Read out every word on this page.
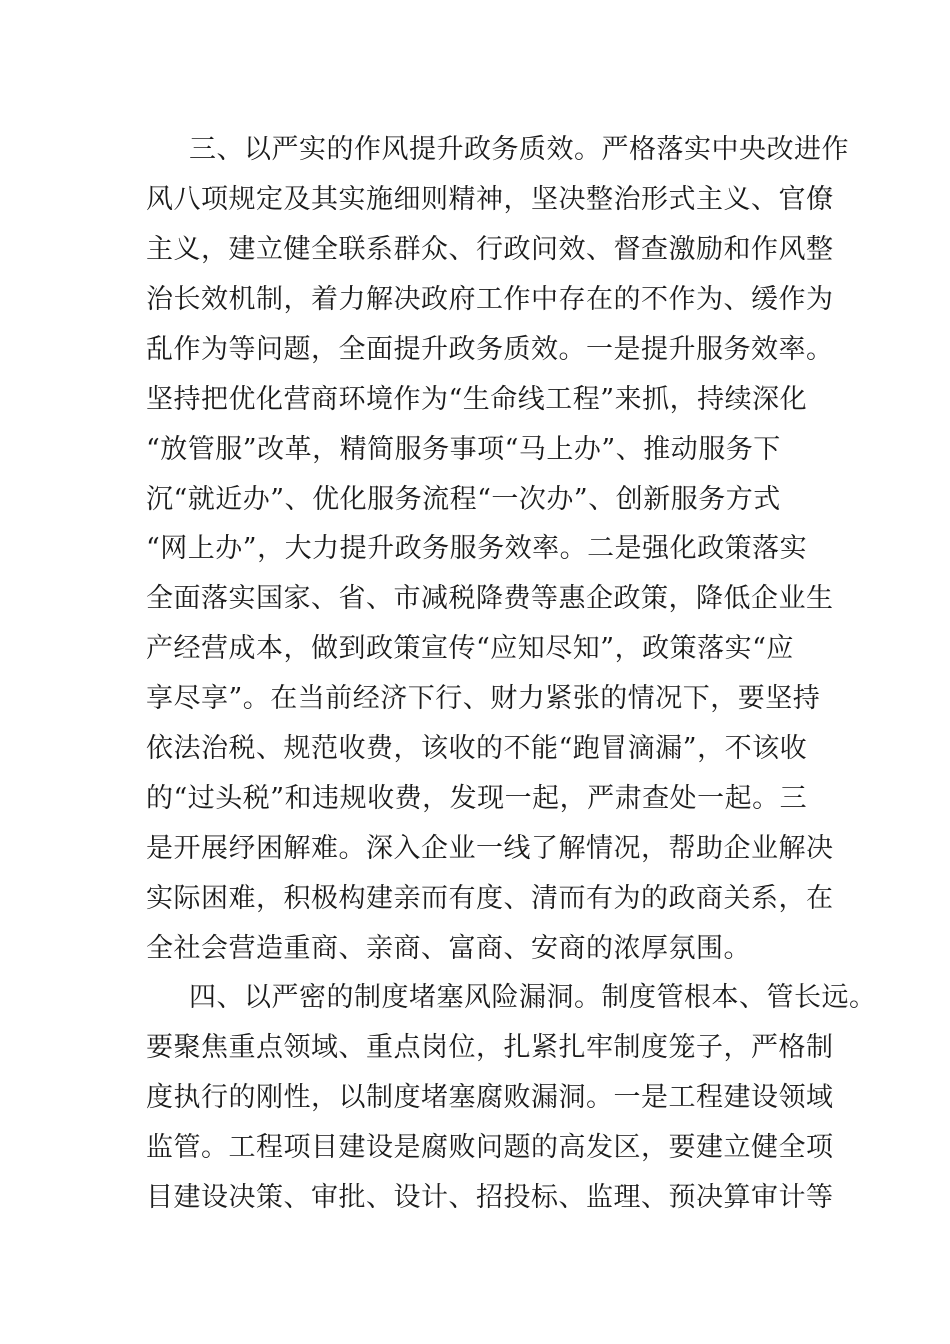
三、以严实的作风提升政务质效。严格落实中央改进作
风八项规定及其实施细则精神，坚决整治形式主义、官僚
主义，建立健全联系群众、行政问效、督查激励和作风整
治长效机制，着力解决政府工作中存在的不作为、缓作为
乱作为等问题，全面提升政务质效。一是提升服务效率。
坚持把优化营商环境作为“生命线工程”来抓，持续深化
“放管服”改革，精简服务事项“马上办”、推动服务下
沉“就近办”、优化服务流程“一次办”、创新服务方式
“网上办”，大力提升政务服务效率。二是强化政策落实
全面落实国家、省、市减税降费等惠企政策，降低企业生
产经营成本，做到政策宣传“应知尽知”，政策落实“应
享尽享”。在当前经济下行、财力紧张的情况下，要坚持
依法治税、规范收费，该收的不能“跑冒滴漏”，不该收
的“过头税”和违规收费，发现一起，严肃查处一起。三
是开展纾困解难。深入企业一线了解情况，帮助企业解决
实际困难，积极构建亲而有度、清而有为的政商关系，在
全社会营造重商、亲商、富商、安商的浓厚氛围。
四、以严密的制度堵塞风险漏洞。制度管根本、管长远。
要聚焦重点领域、重点岗位，扎紧扎牢制度笼子，严格制
度执行的刚性，以制度堵塞腐败漏洞。一是工程建设领域
监管。工程项目建设是腐败问题的高发区，要建立健全项
目建设决策、审批、设计、招投标、监理、预决算审计等
